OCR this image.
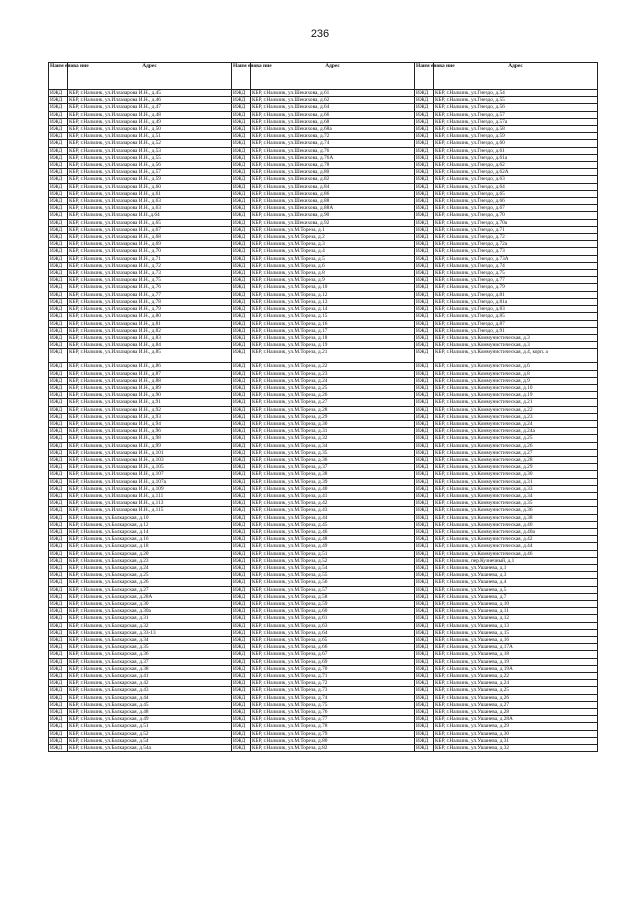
236
Наим енова ние	Адрес	Наим енова ние	Адрес	Наим енова ние	Адрес
ИЖД	КБР, г.Нальчик, ул.Иллазарова И.Н., д.45	ИЖД	КБР, г.Нальчик, ул.Шекихова, д.61	ИЖД	КБР, г.Нальчик, ул.Гнездо, д.54
ИЖД	КБР, г.Нальчик, ул.Иллазарова И.Н., д.46	ИЖД	КБР, г.Нальчик, ул.Шекихова, д.62	ИЖД	КБР, г.Нальчик, ул.Гнездо, д.55
ИЖД	КБР, г.Нальчик, ул.Иллазарова И.Н., д.47	ИЖД	КБР, г.Нальчик, ул.Шекихова, д.64	ИЖД	КБР, г.Нальчик, ул.Гнездо, д.56
ИЖД	КБР, г.Нальчик, ул.Иллазарова И.Н., д.48	ИЖД	КБР, г.Нальчик, ул.Шекихова, д.66	ИЖД	КБР, г.Нальчик, ул.Гнездо, д.57
ИЖД	КБР, г.Нальчик, ул.Иллазарова И.Н., д.49	ИЖД	КБР, г.Нальчик, ул.Шекихова, д.68	ИЖД	КБР, г.Нальчик, ул.Гнездо, д.57а
ИЖД	КБР, г.Нальчик, ул.Иллазарова И.Н., д.50	ИЖД	КБР, г.Нальчик, ул.Шекихова, д.68а	ИЖД	КБР, г.Нальчик, ул.Гнездо, д.58
ИЖД	КБР, г.Нальчик, ул.Иллазарова И.Н., д.51	ИЖД	КБР, г.Нальчик, ул.Шекихова, д.72	ИЖД	КБР, г.Нальчик, ул.Гнездо, д.59
ИЖД	КБР, г.Нальчик, ул.Иллазарова И.Н., д.52	ИЖД	КБР, г.Нальчик, ул.Шекихова, д.74	ИЖД	КБР, г.Нальчик, ул.Гнездо, д.60
ИЖД	КБР, г.Нальчик, ул.Иллазарова И.Н., д.53	ИЖД	КБР, г.Нальчик, ул.Шекихова, д.76	ИЖД	КБР, г.Нальчик, ул.Гнездо, д.61
ИЖД	КБР, г.Нальчик, ул.Иллазарова И.Н., д.55	ИЖД	КБР, г.Нальчик, ул.Шекихова, д.76А	ИЖД	КБР, г.Нальчик, ул.Гнездо, д.61а
ИЖД	КБР, г.Нальчик, ул.Иллазарова И.Н., д.56	ИЖД	КБР, г.Нальчик, ул.Шекихова, д.78	ИЖД	КБР, г.Нальчик, ул.Гнездо, д.62
ИЖД	КБР, г.Нальчик, ул.Иллазарова И.Н., д.57	ИЖД	КБР, г.Нальчик, ул.Шекихова, д.80	ИЖД	КБР, г.Нальчик, ул.Гнездо, д.62А
ИЖД	КБР, г.Нальчик, ул.Иллазарова И.Н., д.59	ИЖД	КБР, г.Нальчик, ул.Шекихова, д.82	ИЖД	КБР, г.Нальчик, ул.Гнездо, д.63
ИЖД	КБР, г.Нальчик, ул.Иллазарова И.Н., д.60	ИЖД	КБР, г.Нальчик, ул.Шекихова, д.84	ИЖД	КБР, г.Нальчик, ул.Гнездо, д.64
ИЖД	КБР, г.Нальчик, ул.Иллазарова И.Н., д.61	ИЖД	КБР, г.Нальчик, ул.Шекихова, д.86	ИЖД	КБР, г.Нальчик, ул.Гнездо, д.65
ИЖД	КБР, г.Нальчик, ул.Иллазарова И.Н., д.63	ИЖД	КБР, г.Нальчик, ул.Шекихова, д.88	ИЖД	КБР, г.Нальчик, ул.Гнездо, д.66
ИЖД	КБР, г.Нальчик, ул.Иллазарова И.Н., д.63	ИЖД	КБР, г.Нальчик, ул.Шекихова, д.88А	ИЖД	КБР, г.Нальчик, ул.Гнездо, д.67
ИЖД	КБР, г.Нальчик, ул.Иллазарова И.Н.,д.64	ИЖД	КБР, г.Нальчик, ул.Шекихова, д.90	ИЖД	КБР, г.Нальчик, ул.Гнездо, д.70
ИЖД	КБР, г.Нальчик, ул.Иллазарова И.Н., д.65	ИЖД	КБР, г.Нальчик, ул.Шекихова, д.92	ИЖД	КБР, г.Нальчик, ул.Гнездо, д.70а
ИЖД	КБР, г.Нальчик, ул.Иллазарова И.Н., д.67	ИЖД	КБР, г.Нальчик, ул.М.Тореза, д.1	ИЖД	КБР, г.Нальчик, ул.Гнездо, д.71
ИЖД	КБР, г.Нальчик, ул.Иллазарова И.Н., д.68	ИЖД	КБР, г.Нальчик, ул.М.Тореза, д.2	ИЖД	КБР, г.Нальчик, ул.Гнездо, д.72
ИЖД	КБР, г.Нальчик, ул.Иллазарова И.Н., д.69	ИЖД	КБР, г.Нальчик, ул.М.Тореза, д.3	ИЖД	КБР, г.Нальчик, ул.Гнездо, д.72а
ИЖД	КБР, г.Нальчик, ул.Иллазарова И.Н., д.70	ИЖД	КБР, г.Нальчик, ул.М.Тореза, д.4	ИЖД	КБР, г.Нальчик, ул.Гнездо, д.73
ИЖД	КБР, г.Нальчик, ул.Иллазарова И.Н., д.71	ИЖД	КБР, г.Нальчик, ул.М.Тореза, д.5	ИЖД	КБР, г.Нальчик, ул.Гнездо, д.73А
ИЖД	КБР, г.Нальчик, ул.Иллазарова И.Н., д.72	ИЖД	КБР, г.Нальчик, ул.М.Тореза, д.6	ИЖД	КБР, г.Нальчик, ул.Гнездо, д.74
ИЖД	КБР, г.Нальчик, ул.Иллазарова И.Н., д.73	ИЖД	КБР, г.Нальчик, ул.М.Тореза, д.8	ИЖД	КБР, г.Нальчик, ул.Гнездо, д.75
ИЖД	КБР, г.Нальчик, ул.Иллазарова И.Н., д.75	ИЖД	КБР, г.Нальчик, ул.М.Тореза, д.9	ИЖД	КБР, г.Нальчик, ул.Гнездо, д.77
ИЖД	КБР, г.Нальчик, ул.Иллазарова И.Н., д.76	ИЖД	КБР, г.Нальчик, ул.М.Тореза, д.10	ИЖД	КБР, г.Нальчик, ул.Гнездо, д.79
ИЖД	КБР, г.Нальчик, ул.Иллазарова И.Н., д.77	ИЖД	КБР, г.Нальчик, ул.М.Тореза, д.12	ИЖД	КБР, г.Нальчик, ул.Гнездо, д.81
ИЖД	КБР, г.Нальчик, ул.Иллазарова И.Н., д.78	ИЖД	КБР, г.Нальчик, ул.М.Тореза, д.13	ИЖД	КБР, г.Нальчик, ул.Гнездо, д.81а
ИЖД	КБР, г.Нальчик, ул.Иллазарова И.Н., д.79	ИЖД	КБР, г.Нальчик, ул.М.Тореза, д.14	ИЖД	КБР, г.Нальчик, ул.Гнездо, д.83
ИЖД	КБР, г.Нальчик, ул.Иллазарова И.Н., д.80	ИЖД	КБР, г.Нальчик, ул.М.Тореза, д.15	ИЖД	КБР, г.Нальчик, ул.Гнездо, д.85
ИЖД	КБР, г.Нальчик, ул.Иллазарова И.Н., д.81	ИЖД	КБР, г.Нальчик, ул.М.Тореза, д.16	ИЖД	КБР, г.Нальчик, ул.Гнездо, д.87
ИЖД	КБР, г.Нальчик, ул.Иллазарова И.Н., д.82	ИЖД	КБР, г.Нальчик, ул.М.Тореза, д.17	ИЖД	КБР, г.Нальчик, ул.Гнездо, д.91
ИЖД	КБР, г.Нальчик, ул.Иллазарова И.Н., д.83	ИЖД	КБР, г.Нальчик, ул.М.Тореза, д.18	ИЖД	КБР, г.Нальчик, ул.Коммунистическая, д.3
ИЖД	КБР, г.Нальчик, ул.Иллазарова И.Н., д.84	ИЖД	КБР, г.Нальчик, ул.М.Тореза, д.19	ИЖД	КБР, г.Нальчик, ул.Коммунистическая, д.3
ИЖД	КБР, г.Нальчик, ул.Иллазарова И.Н., д.85	ИЖД	КБР, г.Нальчик, ул.М.Тореза, д.21	ИЖД	КБР, г.Нальчик, ул.Коммунистическая, д.4, корп. а
ИЖД	КБР, г.Нальчик, ул.Иллазарова И.Н., д.86	ИЖД	КБР, г.Нальчик, ул.М.Тореза, д.22	ИЖД	КБР, г.Нальчик, ул.Коммунистическая, д.6
ИЖД	КБР, г.Нальчик, ул.Иллазарова И.Н., д.87	ИЖД	КБР, г.Нальчик, ул.М.Тореза, д.23	ИЖД	КБР, г.Нальчик, ул.Коммунистическая, д.8
ИЖД	КБР, г.Нальчик, ул.Иллазарова И.Н., д.88	ИЖД	КБР, г.Нальчик, ул.М.Тореза, д.24	ИЖД	КБР, г.Нальчик, ул.Коммунистическая, д.9
ИЖД	КБР, г.Нальчик, ул.Иллазарова И.Н., д.89	ИЖД	КБР, г.Нальчик, ул.М.Тореза, д.25	ИЖД	КБР, г.Нальчик, ул.Коммунистическая, д.10
ИЖД	КБР, г.Нальчик, ул.Иллазарова И.Н., д.90	ИЖД	КБР, г.Нальчик, ул.М.Тореза, д.26	ИЖД	КБР, г.Нальчик, ул.Коммунистическая, д.19
ИЖД	КБР, г.Нальчик, ул.Иллазарова И.Н., д.91	ИЖД	КБР, г.Нальчик, ул.М.Тореза, д.27	ИЖД	КБР, г.Нальчик, ул.Коммунистическая, д.21
ИЖД	КБР, г.Нальчик, ул.Иллазарова И.Н., д.92	ИЖД	КБР, г.Нальчик, ул.М.Тореза, д.28	ИЖД	КБР, г.Нальчик, ул.Коммунистическая, д.22
ИЖД	КБР, г.Нальчик, ул.Иллазарова И.Н., д.93	ИЖД	КБР, г.Нальчик, ул.М.Тореза, д.29	ИЖД	КБР, г.Нальчик, ул.Коммунистическая, д.23
ИЖД	КБР, г.Нальчик, ул.Иллазарова И.Н., д.94	ИЖД	КБР, г.Нальчик, ул.М.Тореза, д.30	ИЖД	КБР, г.Нальчик, ул.Коммунистическая, д.24
ИЖД	КБР, г.Нальчик, ул.Иллазарова И.Н., д.96	ИЖД	КБР, г.Нальчик, ул.М.Тореза, д.31	ИЖД	КБР, г.Нальчик, ул.Коммунистическая, д.24а
ИЖД	КБР, г.Нальчик, ул.Иллазарова И.Н., д.98	ИЖД	КБР, г.Нальчик, ул.М.Тореза, д.32	ИЖД	КБР, г.Нальчик, ул.Коммунистическая, д.25
ИЖД	КБР, г.Нальчик, ул.Иллазарова И.Н., д.99	ИЖД	КБР, г.Нальчик, ул.М.Тореза, д.34	ИЖД	КБР, г.Нальчик, ул.Коммунистическая, д.26
ИЖД	КБР, г.Нальчик, ул.Иллазарова И.Н., д.101	ИЖД	КБР, г.Нальчик, ул.М.Тореза, д.35	ИЖД	КБР, г.Нальчик, ул.Коммунистическая, д.27
ИЖД	КБР, г.Нальчик, ул.Иллазарова И.Н., д.103	ИЖД	КБР, г.Нальчик, ул.М.Тореза, д.36	ИЖД	КБР, г.Нальчик, ул.Коммунистическая, д.28
ИЖД	КБР, г.Нальчик, ул.Иллазарова И.Н., д.105	ИЖД	КБР, г.Нальчик, ул.М.Тореза, д.37	ИЖД	КБР, г.Нальчик, ул.Коммунистическая, д.29
ИЖД	КБР, г.Нальчик, ул.Иллазарова И.Н., д.107	ИЖД	КБР, г.Нальчик, ул.М.Тореза, д.38	ИЖД	КБР, г.Нальчик, ул.Коммунистическая, д.30
ИЖД	КБР, г.Нальчик, ул.Иллазарова И.Н., д.107а	ИЖД	КБР, г.Нальчик, ул.М.Тореза, д.39	ИЖД	КБР, г.Нальчик, ул.Коммунистическая, д.31
ИЖД	КБР, г.Нальчик, ул.Иллазарова И.Н., д.109	ИЖД	КБР, г.Нальчик, ул.М.Тореза, д.40	ИЖД	КБР, г.Нальчик, ул.Коммунистическая, д.33
ИЖД	КБР, г.Нальчик, ул.Иллазарова И.Н., д.111	ИЖД	КБР, г.Нальчик, ул.М.Тореза, д.41	ИЖД	КБР, г.Нальчик, ул.Коммунистическая, д.34
ИЖД	КБР, г.Нальчик, ул.Иллазарова И.Н., д.113	ИЖД	КБР, г.Нальчик, ул.М.Тореза, д.42	ИЖД	КБР, г.Нальчик, ул.Коммунистическая, д.35
ИЖД	КБР, г.Нальчик, ул.Иллазарова И.Н., д.115	ИЖД	КБР, г.Нальчик, ул.М.Тореза, д.43	ИЖД	КБР, г.Нальчик, ул.Коммунистическая, д.36
ИЖД	КБР, г.Нальчик, ул.Балкарская, д.10	ИЖД	КБР, г.Нальчик, ул.М.Тореза, д.44	ИЖД	КБР, г.Нальчик, ул.Коммунистическая, д.38
ИЖД	КБР, г.Нальчик, ул.Балкарская, д.12	ИЖД	КБР, г.Нальчик, ул.М.Тореза, д.45	ИЖД	КБР, г.Нальчик, ул.Коммунистическая, д.40
ИЖД	КБР, г.Нальчик, ул.Балкарская, д.14	ИЖД	КБР, г.Нальчик, ул.М.Тореза, д.46	ИЖД	КБР, г.Нальчик, ул.Коммунистическая, д.40а
ИЖД	КБР, г.Нальчик, ул.Балкарская, д.16	ИЖД	КБР, г.Нальчик, ул.М.Тореза, д.48	ИЖД	КБР, г.Нальчик, ул.Коммунистическая, д.42
ИЖД	КБР, г.Нальчик, ул.Балкарская, д.18	ИЖД	КБР, г.Нальчик, ул.М.Тореза, д.49	ИЖД	КБР, г.Нальчик, ул.Коммунистическая, д.44
ИЖД	КБР, г.Нальчик, ул.Балкарская, д.20	ИЖД	КБР, г.Нальчик, ул.М.Тореза, д.51	ИЖД	КБР, г.Нальчик, ул.Коммунистическая, д.46
ИЖД	КБР, г.Нальчик, ул.Балкарская, д.23	ИЖД	КБР, г.Нальчик, ул.М.Тореза, д.52	ИЖД	КБР, г.Нальчик, пер.Кузнечный, д.1
ИЖД	КБР, г.Нальчик, ул.Балкарская, д.24	ИЖД	КБР, г.Нальчик, ул.М.Тореза, д.54	ИЖД	КБР, г.Нальчик, ул.Ушанева, д.1
ИЖД	КБР, г.Нальчик, ул.Балкарская, д.25	ИЖД	КБР, г.Нальчик, ул.М.Тореза, д.55	ИЖД	КБР, г.Нальчик, ул.Ушанева, д.3
ИЖД	КБР, г.Нальчик, ул.Балкарская, д.26	ИЖД	КБР, г.Нальчик, ул.М.Тореза, д.56	ИЖД	КБР, г.Нальчик, ул.Ушанева, д.4
ИЖД	КБР, г.Нальчик, ул.Балкарская, д.27	ИЖД	КБР, г.Нальчик, ул.М.Тореза, д.57	ИЖД	КБР, г.Нальчик, ул.Ушанева, д.5
ИЖД	КБР, г.Нальчик, ул.Балкарская, д.28А	ИЖД	КБР, г.Нальчик, ул.М.Тореза, д.58	ИЖД	КБР, г.Нальчик, ул.Ушанева, д.7
ИЖД	КБР, г.Нальчик, ул.Балкарская, д.30	ИЖД	КБР, г.Нальчик, ул.М.Тореза, д.59	ИЖД	КБР, г.Нальчик, ул.Ушанева, д.10
ИЖД	КБР, г.Нальчик, ул.Балкарская, д.30а	ИЖД	КБР, г.Нальчик, ул.М.Тореза, д.60	ИЖД	КБР, г.Нальчик, ул.Ушанева, д.11
ИЖД	КБР, г.Нальчик, ул.Балкарская, д.31	ИЖД	КБР, г.Нальчик, ул.М.Тореза, д.61	ИЖД	КБР, г.Нальчик, ул.Ушанева, д.12
ИЖД	КБР, г.Нальчик, ул.Балкарская, д.32	ИЖД	КБР, г.Нальчик, ул.М.Тореза, д.63	ИЖД	КБР, г.Нальчик, ул.Ушанева, д.13
ИЖД	КБР, г.Нальчик, ул.Балкарская, д.33-13	ИЖД	КБР, г.Нальчик, ул.М.Тореза, д.64	ИЖД	КБР, г.Нальчик, ул.Ушанева, д.15
ИЖД	КБР, г.Нальчик, ул.Балкарская, д.34	ИЖД	КБР, г.Нальчик, ул.М.Тореза, д.65	ИЖД	КБР, г.Нальчик, ул.Ушанева, д.16
ИЖД	КБР, г.Нальчик, ул.Балкарская, д.35	ИЖД	КБР, г.Нальчик, ул.М.Тореза, д.66	ИЖД	КБР, г.Нальчик, ул.Ушанева, д.17А
ИЖД	КБР, г.Нальчик, ул.Балкарская, д.36	ИЖД	КБР, г.Нальчик, ул.М.Тореза, д.67	ИЖД	КБР, г.Нальчик, ул.Ушанева, д.18
ИЖД	КБР, г.Нальчик, ул.Балкарская, д.37	ИЖД	КБР, г.Нальчик, ул.М.Тореза, д.69	ИЖД	КБР, г.Нальчик, ул.Ушанева, д.19
ИЖД	КБР, г.Нальчик, ул.Балкарская, д.38	ИЖД	КБР, г.Нальчик, ул.М.Тореза, д.70	ИЖД	КБР, г.Нальчик, ул.Ушанева, д.19А
ИЖД	КБР, г.Нальчик, ул.Балкарская, д.41	ИЖД	КБР, г.Нальчик, ул.М.Тореза, д.71	ИЖД	КБР, г.Нальчик, ул.Ушанева, д.22
ИЖД	КБР, г.Нальчик, ул.Балкарская, д.42	ИЖД	КБР, г.Нальчик, ул.М.Тореза, д.72	ИЖД	КБР, г.Нальчик, ул.Ушанева, д.24
ИЖД	КБР, г.Нальчик, ул.Балкарская, д.43	ИЖД	КБР, г.Нальчик, ул.М.Тореза, д.73	ИЖД	КБР, г.Нальчик, ул.Ушанева, д.25
ИЖД	КБР, г.Нальчик, ул.Балкарская, д.44	ИЖД	КБР, г.Нальчик, ул.М.Тореза, д.74	ИЖД	КБР, г.Нальчик, ул.Ушанева, д.26
ИЖД	КБР, г.Нальчик, ул.Балкарская, д.45	ИЖД	КБР, г.Нальчик, ул.М.Тореза, д.75	ИЖД	КБР, г.Нальчик, ул.Ушанева, д.27
ИЖД	КБР, г.Нальчик, ул.Балкарская, д.48	ИЖД	КБР, г.Нальчик, ул.М.Тореза, д.76	ИЖД	КБР, г.Нальчик, ул.Ушанева, д.28
ИЖД	КБР, г.Нальчик, ул.Балкарская, д.49	ИЖД	КБР, г.Нальчик, ул.М.Тореза, д.77	ИЖД	КБР, г.Нальчик, ул.Ушанева, д.28А
ИЖД	КБР, г.Нальчик, ул.Балкарская, д.51	ИЖД	КБР, г.Нальчик, ул.М.Тореза, д.78	ИЖД	КБР, г.Нальчик, ул.Ушанева, д.29
ИЖД	КБР, г.Нальчик, ул.Балкарская, д.52	ИЖД	КБР, г.Нальчик, ул.М.Тореза, д.79	ИЖД	КБР, г.Нальчик, ул.Ушанева, д.30
ИЖД	КБР, г.Нальчик, ул.Балкарская, д.54	ИЖД	КБР, г.Нальчик, ул.М.Тореза, д.80	ИЖД	КБР, г.Нальчик, ул.Ушанева, д.31
ИЖД	КБР, г.Нальчик, ул.Балкарская, д.54а	ИЖД	КБР, г.Нальчик, ул.М.Тореза, д.82	ИЖД	КБР, г.Нальчик, ул.Ушанева, д.32
